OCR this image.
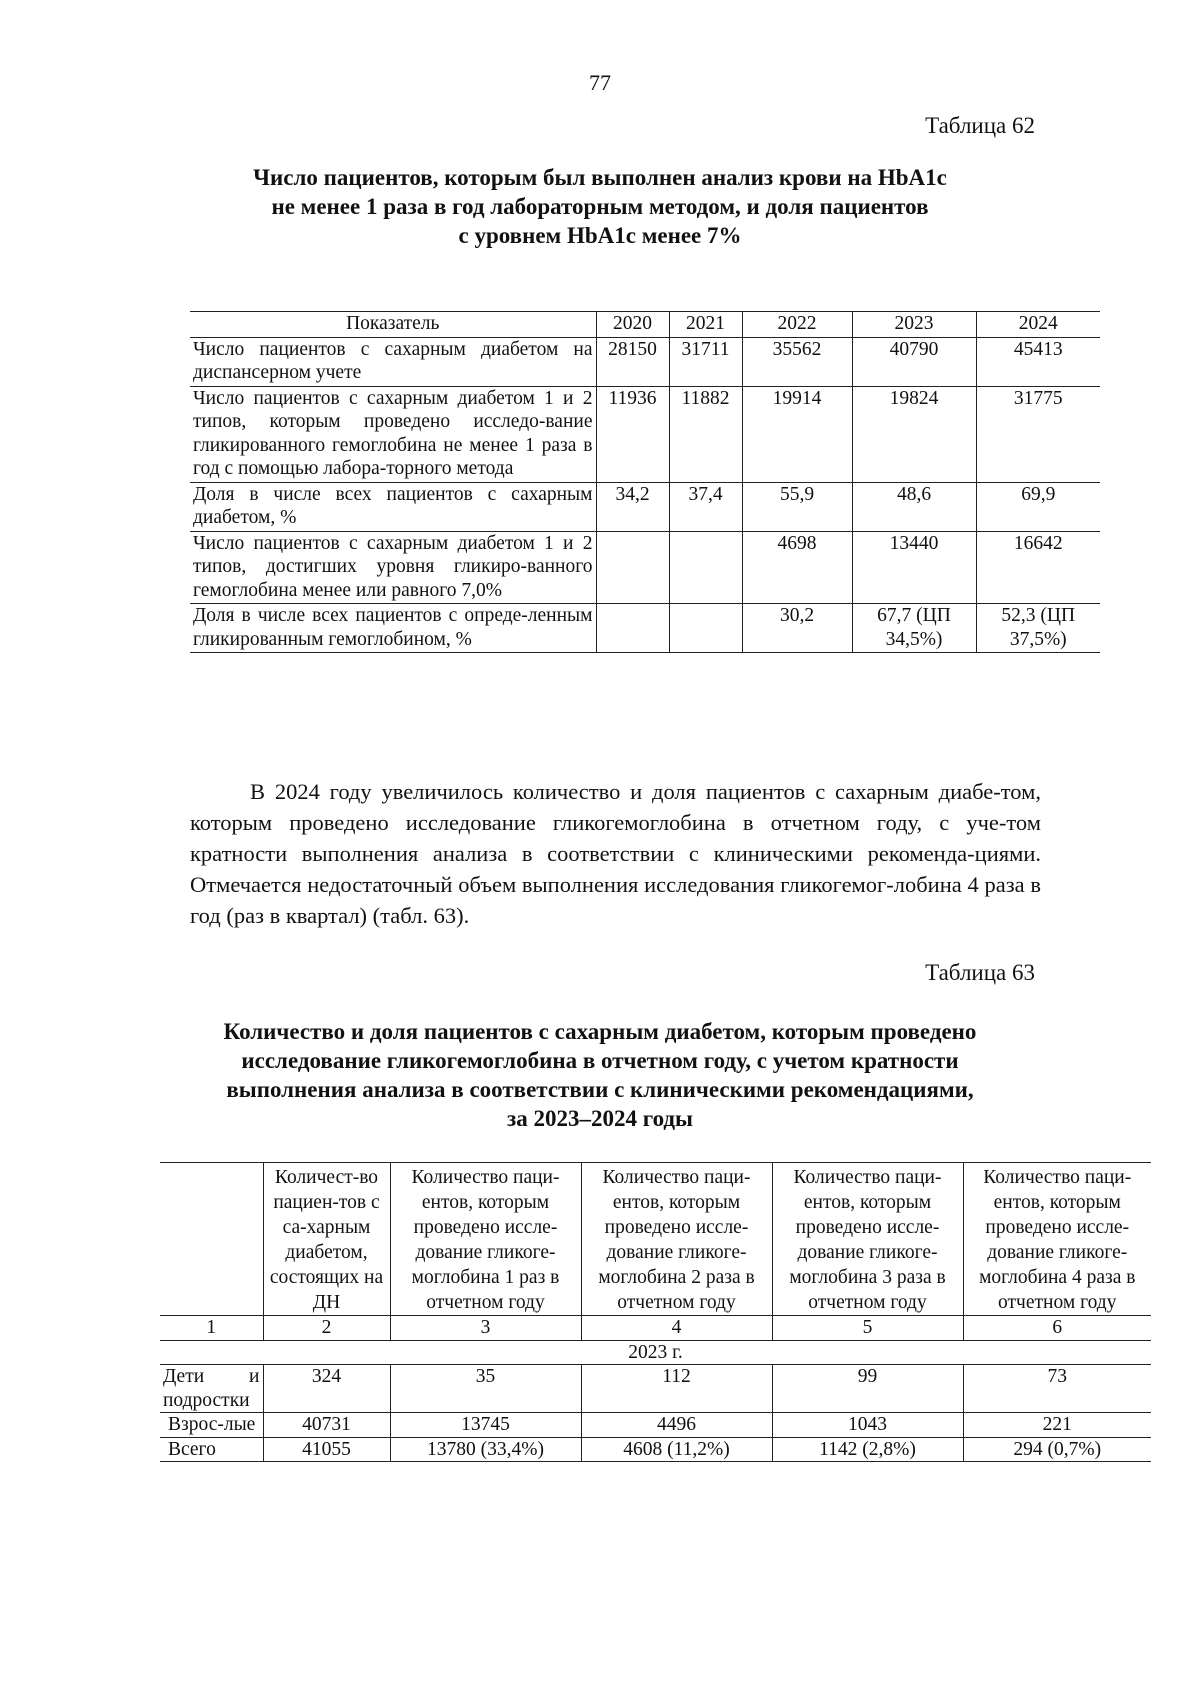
77
Таблица 62
Число пациентов, которым был выполнен анализ крови на HbA1c
не менее 1 раза в год лабораторным методом, и доля пациентов
с уровнем HbA1c менее 7%
Показатель	2020	2021	2022	2023	2024
Число пациентов с сахарным диабетом на диспансерном учете	28150	31711	35562	40790	45413
Число пациентов с сахарным диабетом 1 и 2 типов, которым проведено исследо-вание гликированного гемоглобина не менее 1 раза в год с помощью лабора-торного метода	11936	11882	19914	19824	31775
Доля в числе всех пациентов с сахарным диабетом, %	34,2	37,4	55,9	48,6	69,9
Число пациентов с сахарным диабетом 1 и 2 типов, достигших уровня гликиро-ванного гемоглобина менее или равного 7,0%			4698	13440	16642
Доля в числе всех пациентов с опреде-ленным гликированным гемоглобином, %			30,2	67,7 (ЦП 34,5%)	52,3 (ЦП 37,5%)
В 2024 году увеличилось количество и доля пациентов с сахарным диабе-том, которым проведено исследование гликогемоглобина в отчетном году, с уче-том кратности выполнения анализа в соответствии с клиническими рекоменда-циями. Отмечается недостаточный объем выполнения исследования гликогемог-лобина 4 раза в год (раз в квартал) (табл. 63).
Таблица 63
Количество и доля пациентов с сахарным диабетом, которым проведено
исследование гликогемоглобина в отчетном году, с учетом кратности
выполнения анализа в соответствии с клиническими рекомендациями,
за 2023–2024 годы
	Количест-во пациен-тов с са-харным диабетом, состоящих на ДН	Количество паци-ентов, которым проведено иссле-дование гликоге-моглобина 1 раз в отчетном году	Количество паци-ентов, которым проведено иссле-дование гликоге-моглобина 2 раза в отчетном году	Количество паци-ентов, которым проведено иссле-дование гликоге-моглобина 3 раза в отчетном году	Количество паци-ентов, которым проведено иссле-дование гликоге-моглобина 4 раза в отчетном году
1	2	3	4	5	6
2023 г.					
Дети и подростки	324	35	112	99	73
Взрос-лые	40731	13745	4496	1043	221
Всего	41055	13780 (33,4%)	4608 (11,2%)	1142 (2,8%)	294 (0,7%)
